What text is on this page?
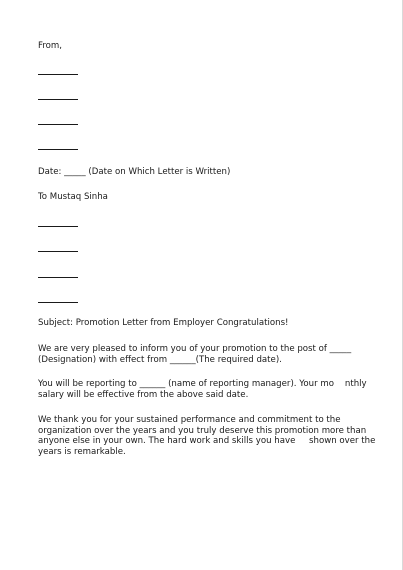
From,

Date: _____ (Date on Which Letter is Written)

To Mustaq Sinha

Subject: Promotion Letter from Employer Congratulations!

We are very pleased to inform you of your promotion to the post of _____

(Designation) with effect from ______(The required date).

You will be reporting to ______ (name of reporting manager). Your mo    nthly

salary will be effective from the above said date.

We thank you for your sustained performance and commitment to the

organization over the years and you truly deserve this promotion more than

anyone else in your own. The hard work and skills you have     shown over the

years is remarkable.
